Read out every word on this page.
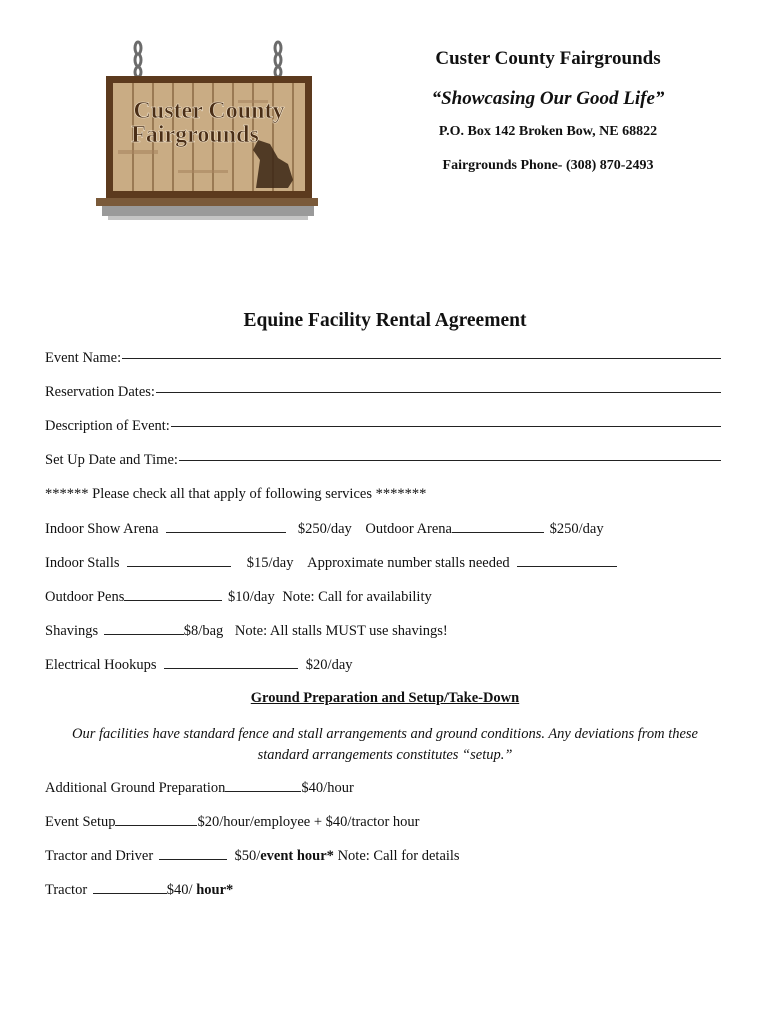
Custer County
Fairgrounds
Custer County Fairgrounds
“Showcasing Our Good Life”
P.O. Box 142 Broken Bow, NE 68822
Fairgrounds Phone- (308) 870-2493
Equine Facility Rental Agreement
Event Name:
Reservation Dates:
Description of Event:
Set Up Date and Time:
****** Please check all that apply of following services *******
Indoor Show Arena	$250/day Outdoor Arena	$250/day
Indoor Stalls	$15/day Approximate number stalls needed
Outdoor Pens	$10/day Note: Call for availability
Shavings	$8/bag Note: All stalls MUST use shavings!
Electrical Hookups	$20/day
Ground Preparation and Setup/Take-Down
Our facilities have standard fence and stall arrangements and ground conditions. Any deviations from these standard arrangements constitutes “setup.”
Additional Ground Preparation	$40/hour
Event Setup	$20/hour/employee + $40/tractor hour
Tractor and Driver	$50/event hour* Note: Call for details
Tractor	$40/ hour*
